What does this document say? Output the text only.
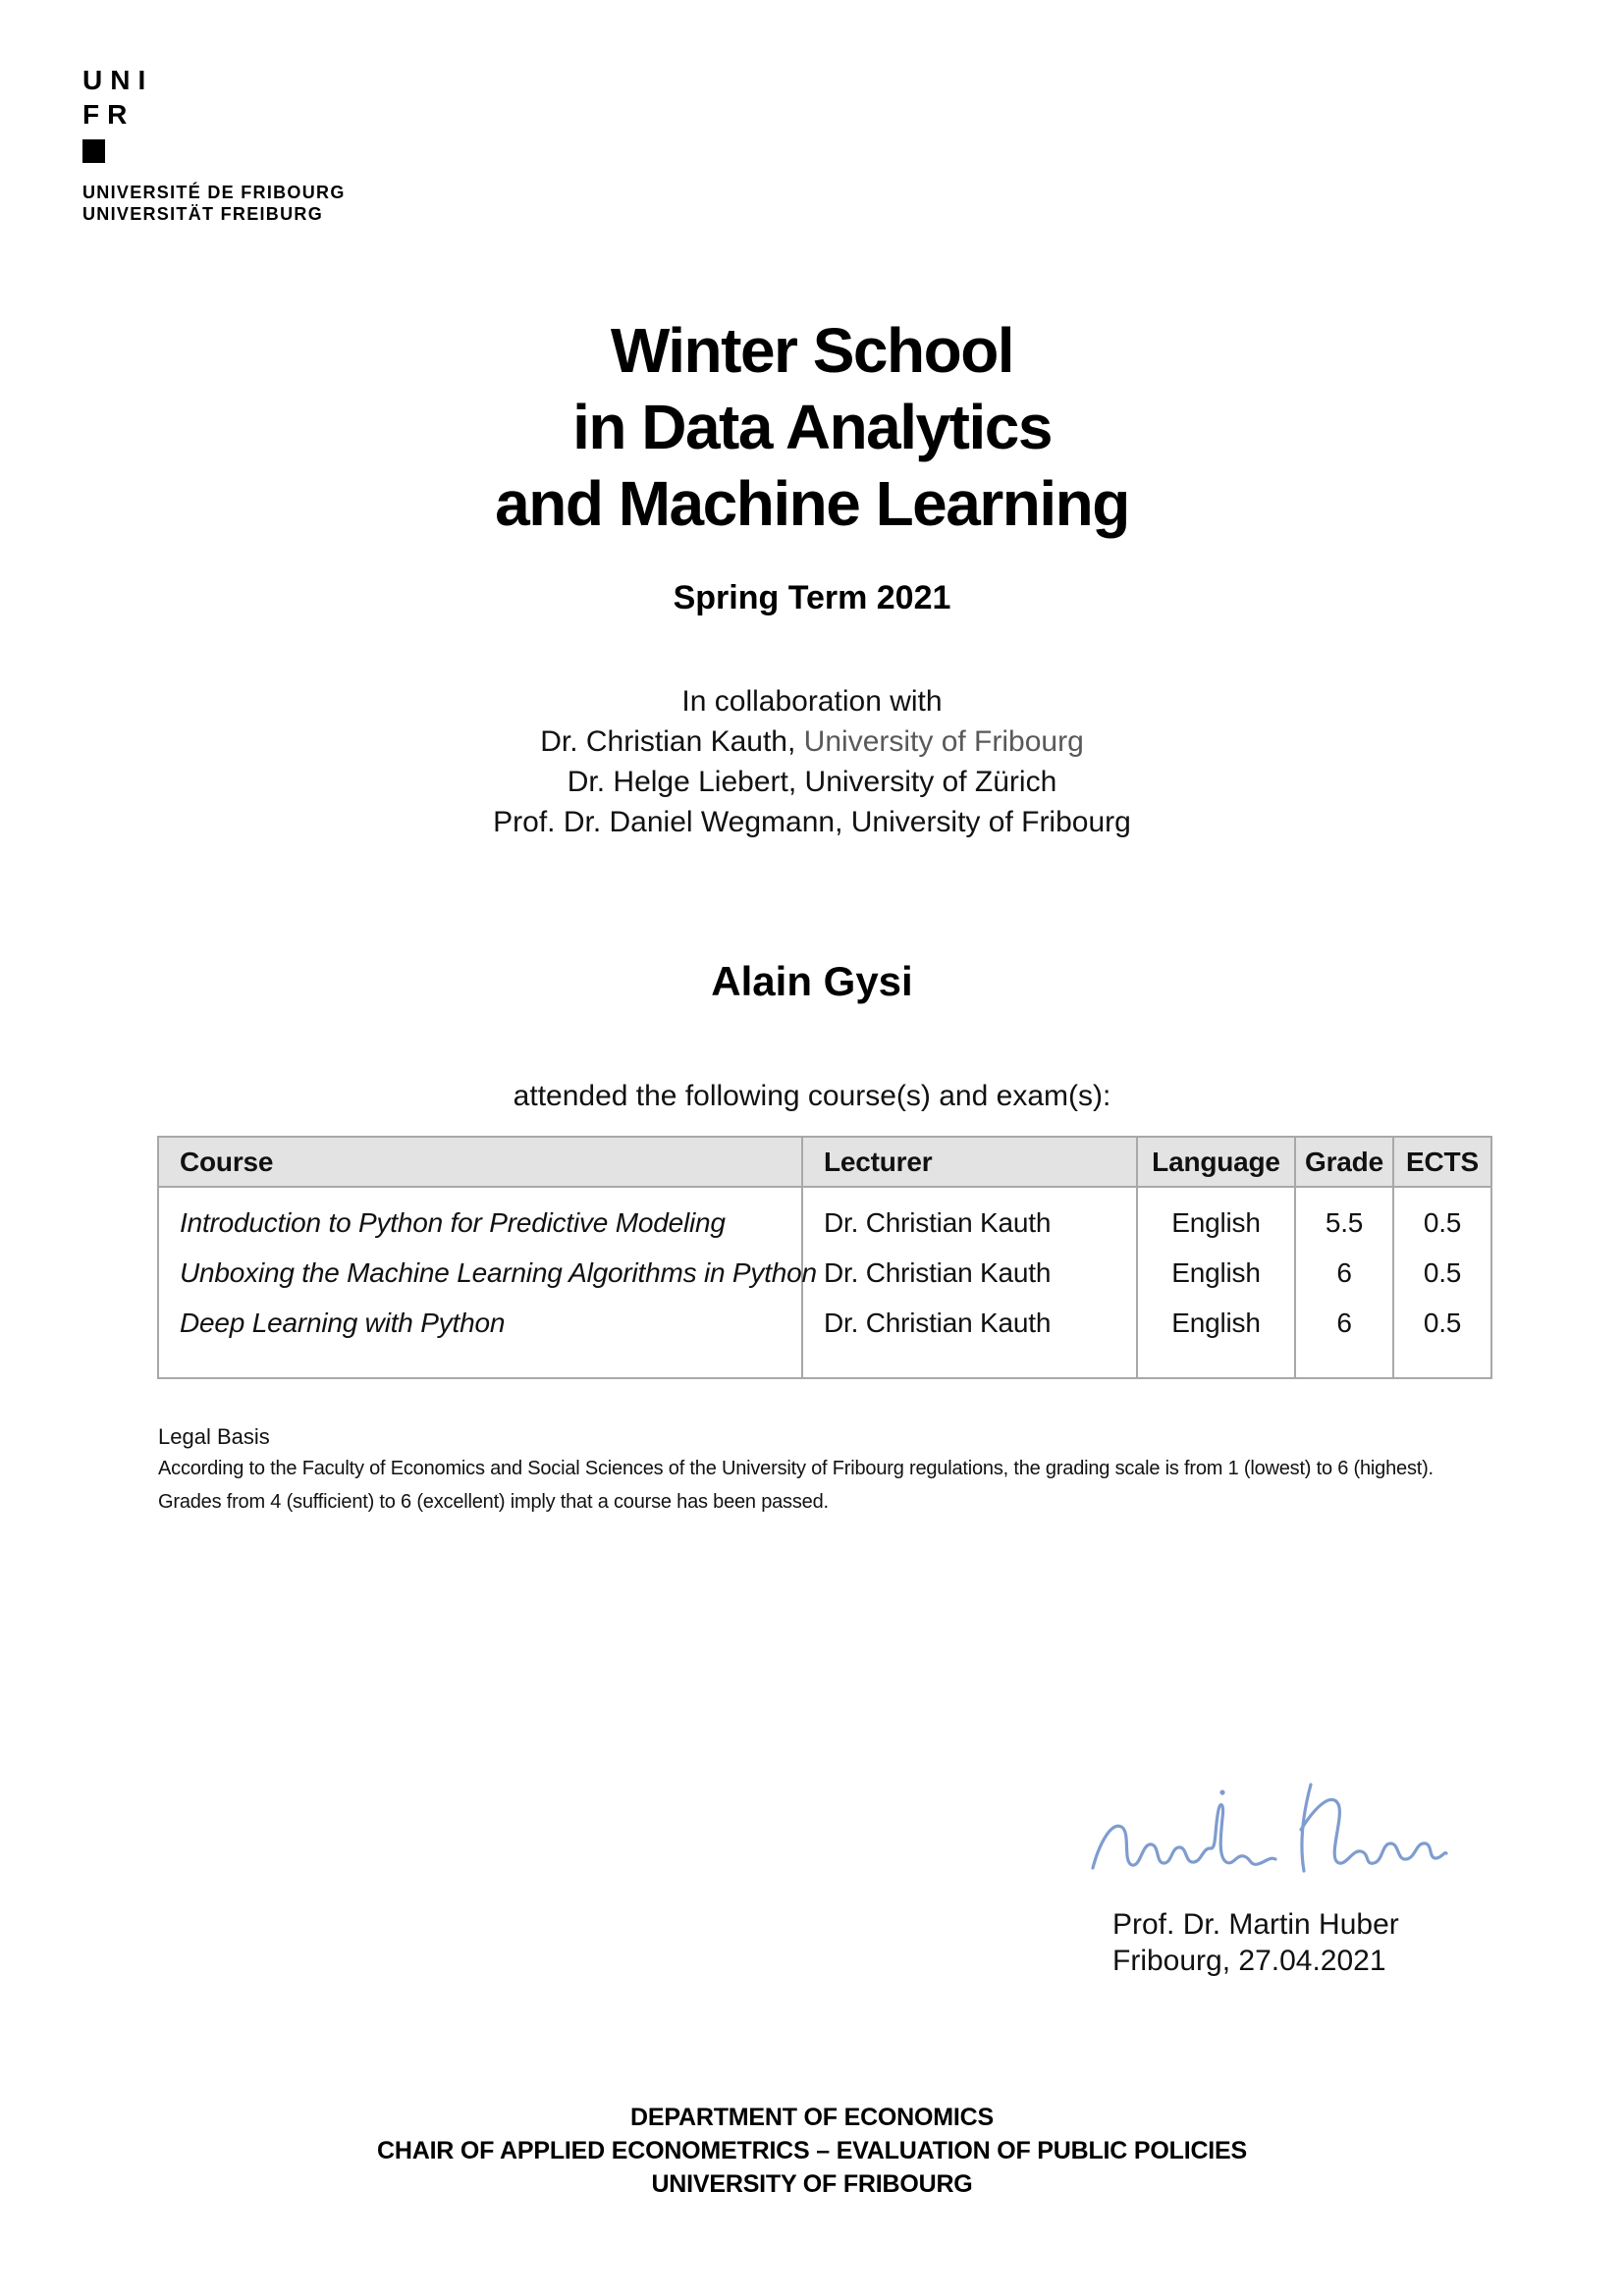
UNI
FR
UNIVERSITÉ DE FRIBOURG
UNIVERSITÄT FREIBURG
Winter School
in Data Analytics
and Machine Learning
Spring Term 2021
In collaboration with
Dr. Christian Kauth, University of Fribourg
Dr. Helge Liebert, University of Zürich
Prof. Dr. Daniel Wegmann, University of Fribourg
Alain Gysi
attended the following course(s) and exam(s):
Course	Lecturer	Language	Grade	ECTS
Introduction to Python for Predictive Modeling	Dr. Christian Kauth	English	5.5	0.5
Unboxing the Machine Learning Algorithms in Python	Dr. Christian Kauth	English	6	0.5
Deep Learning with Python	Dr. Christian Kauth	English	6	0.5
Legal Basis
According to the Faculty of Economics and Social Sciences of the University of Fribourg regulations, the grading scale is from 1 (lowest) to 6 (highest).
Grades from 4 (sufficient) to 6 (excellent) imply that a course has been passed.
Prof. Dr. Martin Huber
Fribourg, 27.04.2021
DEPARTMENT OF ECONOMICS
CHAIR OF APPLIED ECONOMETRICS – EVALUATION OF PUBLIC POLICIES
UNIVERSITY OF FRIBOURG
